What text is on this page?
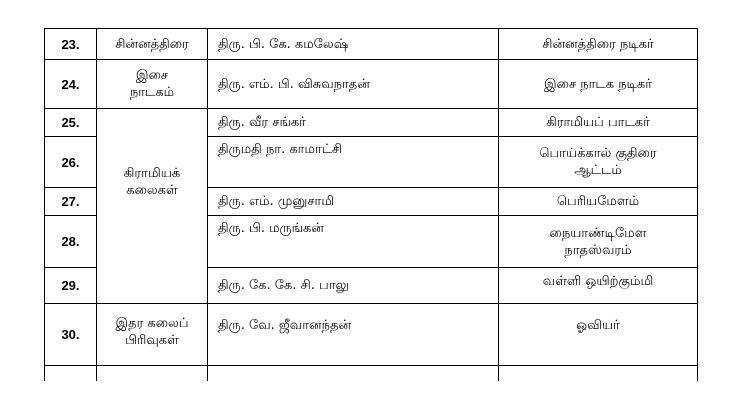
23.	சின்னத்திரை	திரு. பி. கே. கமலேஷ்	சின்னத்திரை நடிகர்
24.	இசை நாடகம்	திரு. எம். பி. விசுவநாதன்	இசை நாடக நடிகர்
25.	கிராமியக் கலைகள்	திரு. வீர சங்கர்	கிராமியப் பாடகர்
26.		திருமதி நா. காமாட்சி	பொய்க்கால் குதிரை ஆட்டம்
27.		திரு. எம். முனுசாமி	பெரியமேளம்
28.		திரு. பி. மருங்கன்	நையாண்டிமேள நாதஸ்வரம்
29.		திரு. கே. கே. சி. பாலு	வள்ளி ஒயிற்கும்மி
30.	இதர கலைப் பிரிவுகள்	திரு. வே. ஜீவானந்தன்	ஓவியர்
